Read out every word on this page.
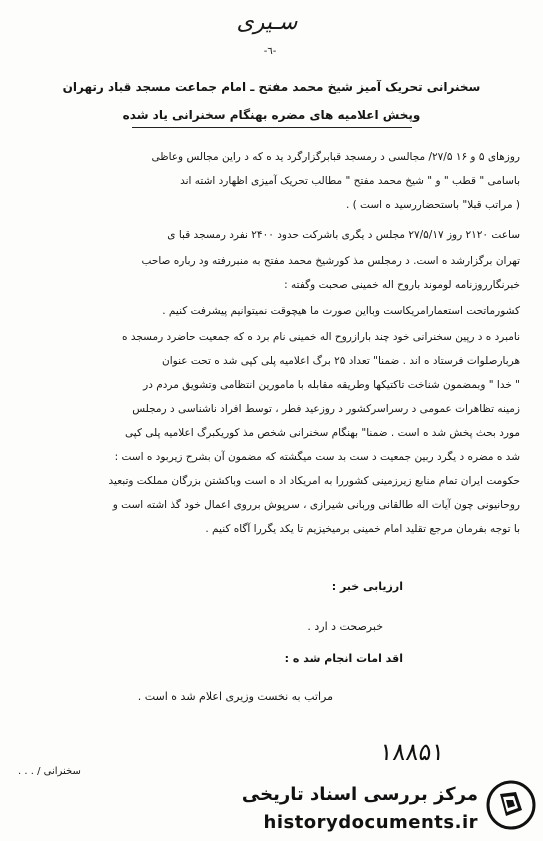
سـیری
-٦-
سخنرانی تحریک آمیز شیخ محمد مفتح ـ امام جماعت مسجد قباد رتهران
وپخش اعلامیه های مضره بهنگام سخنرانی یاد شده
روزهای ۵ و ۱۶ ۲۷/۵/ مجالسی د رمسجد قبابرگزارگرد ید ه که د راین مجالس وعاظی
باسامی " قطب " و " شیخ محمد مفتح " مطالب تحریک آمیزی اظهارد اشته اند
( مراتب قبلا" باستحضاررسید ه است ) .
ساعت ۲۱۲۰ روز ۲۷/۵/۱۷ مجلس د یگری باشرکت حدود ۲۴۰۰ نفرد رمسجد قبا ی
تهران برگزارشد ه است. د رمجلس مذ کورشیخ محمد مفتح به منبررفته ود رباره صاحب
خبرنگارروزنامه لوموند باروح اله خمینی صحبت وگفته :
کشورماتحت استعمارامریکاست وبااین صورت ما هیچوقت نمیتوانیم پیشرفت کنیم .
نامبرد ه د رپین سخنرانی خود چند بارازروح اله خمینی نام برد ه که جمعیت حاضرد رمسجد ه
هربارصلوات فرستاد ه اند . ضمنا" تعداد ۲۵ برگ اعلامیه پلی کپی شد ه تحت عنوان
" خدا " وبمضمون شناخت تاکتیکها وطریقه مقابله با مامورین انتظامی وتشویق مردم در
زمینه تظاهرات عمومی د رسراسرکشور د روزعید فطر ، توسط افراد ناشناسی د رمجلس
مورد بحث پخش شد ه است . ضمنا" بهنگام سخنرانی شخص مذ کوریکبرگ اعلامیه پلی کپی
شد ه مضره د یگرد ربین جمعیت د ست بد ست میگشته که مضمون آن بشرح زیربود ه است :
حکومت ایران تمام منابع زیرزمینی کشوررا به امریکاد اد ه است وباکشتن بزرگان مملکت وتبعید
روحانیونی چون آیات اله طالقانی وربانی شیرازی ، سرپوش برروی اعمال خود گذ اشته است و
با توجه بفرمان مرجع تقلید امام خمینی برمیخیزیم تا یکد یگررا آگاه کنیم .
ارزیابی خبر :
خبرصحت د ارد .
اقد امات انجام شد ه :
مراتب به نخست وزیری اعلام شد ه است .
۱۸۸۵۱
سخنرانی / . . .
مرکز بررسی اسناد تاریخی
historydocuments.ir
